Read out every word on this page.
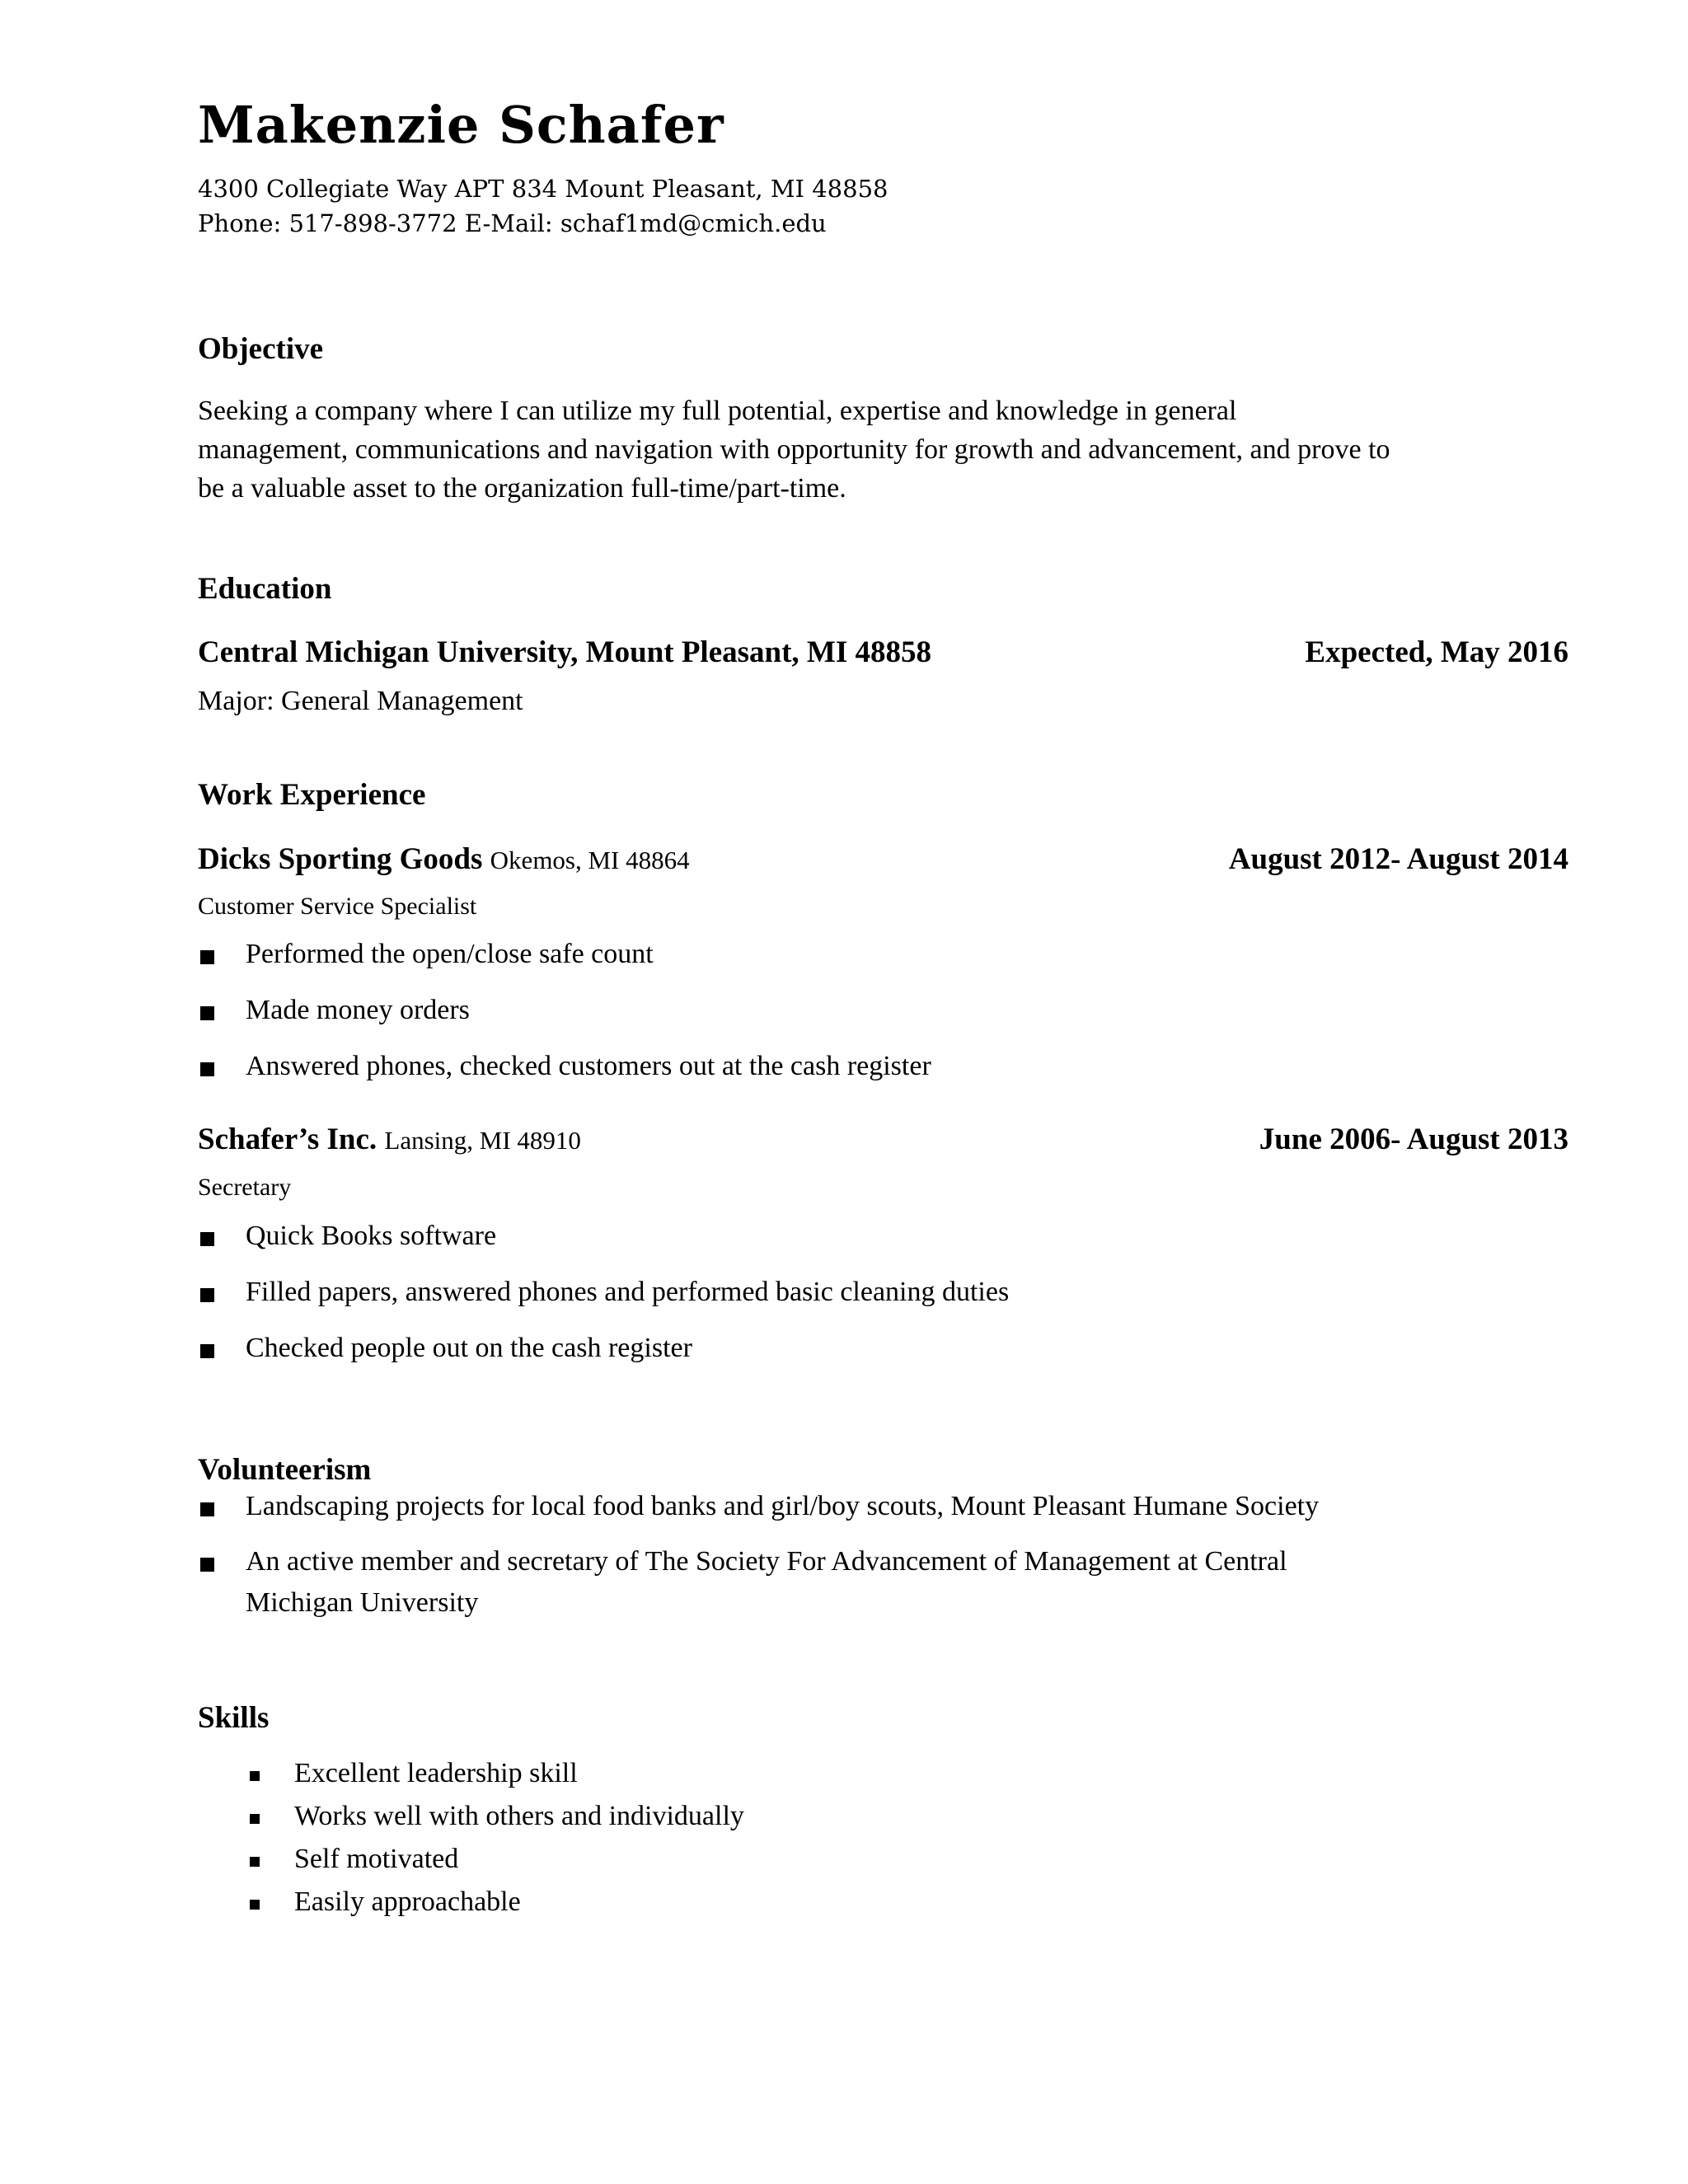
Makenzie Schafer
4300 Collegiate Way APT 834 Mount Pleasant, MI 48858
Phone: 517-898-3772 E-Mail: schaf1md@cmich.edu
Objective
Seeking a company where I can utilize my full potential, expertise and knowledge in general
management, communications and navigation with opportunity for growth and advancement, and prove to
be a valuable asset to the organization full-time/part-time.
Education
Central Michigan University, Mount Pleasant, MI 48858	Expected, May 2016
Major: General Management
Work Experience
Dicks Sporting Goods Okemos, MI 48864	August 2012- August 2014
Customer Service Specialist
Performed the open/close safe count
Made money orders
Answered phones, checked customers out at the cash register
Schafer’s Inc. Lansing, MI 48910	June 2006- August 2013
Secretary
Quick Books software
Filled papers, answered phones and performed basic cleaning duties
Checked people out on the cash register
Volunteerism
Landscaping projects for local food banks and girl/boy scouts, Mount Pleasant Humane Society
An active member and secretary of The Society For Advancement of Management at Central
Michigan University
Skills
Excellent leadership skill
Works well with others and individually
Self motivated
Easily approachable
